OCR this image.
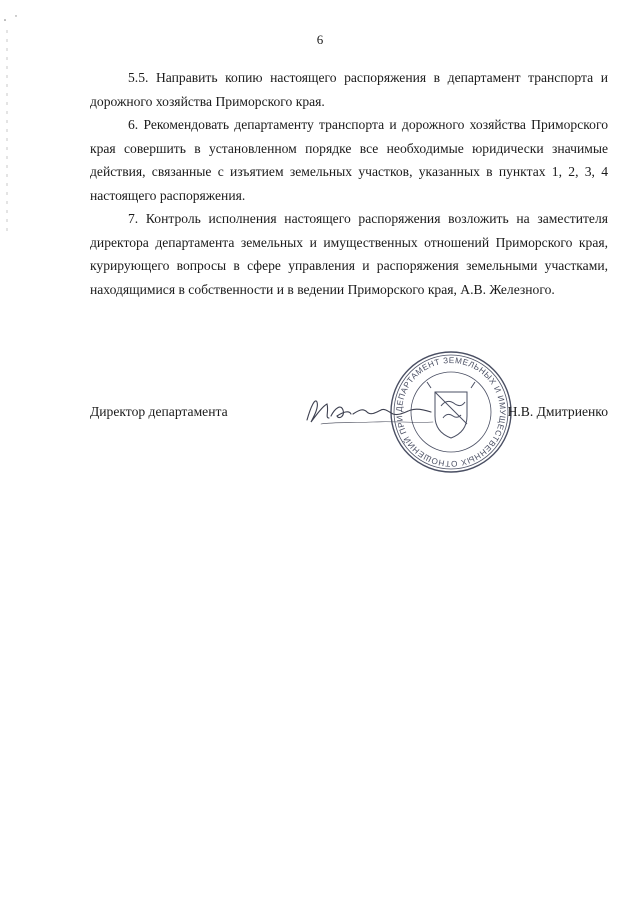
6

5.5. Направить копию настоящего распоряжения в департамент транспорта и дорожного хозяйства Приморского края.

6. Рекомендовать департаменту транспорта и дорожного хозяйства Приморского края совершить в установленном порядке все необходимые юридически значимые действия, связанные с изъятием земельных участков, указанных в пунктах 1, 2, 3, 4 настоящего распоряжения.

7. Контроль исполнения настоящего распоряжения возложить на заместителя директора департамента земельных и имущественных отношений Приморского края, курирующего вопросы в сфере управления и распоряжения земельными участками, находящимися в собственности и в ведении Приморского края, А.В. Железного.

ДЕПАРТАМЕНТ ЗЕМЕЛЬНЫХ И ИМУЩЕСТВЕННЫХ ОТНОШЕНИЙ ПРИ
Директор департамента	Н.В. Дмитриенко
